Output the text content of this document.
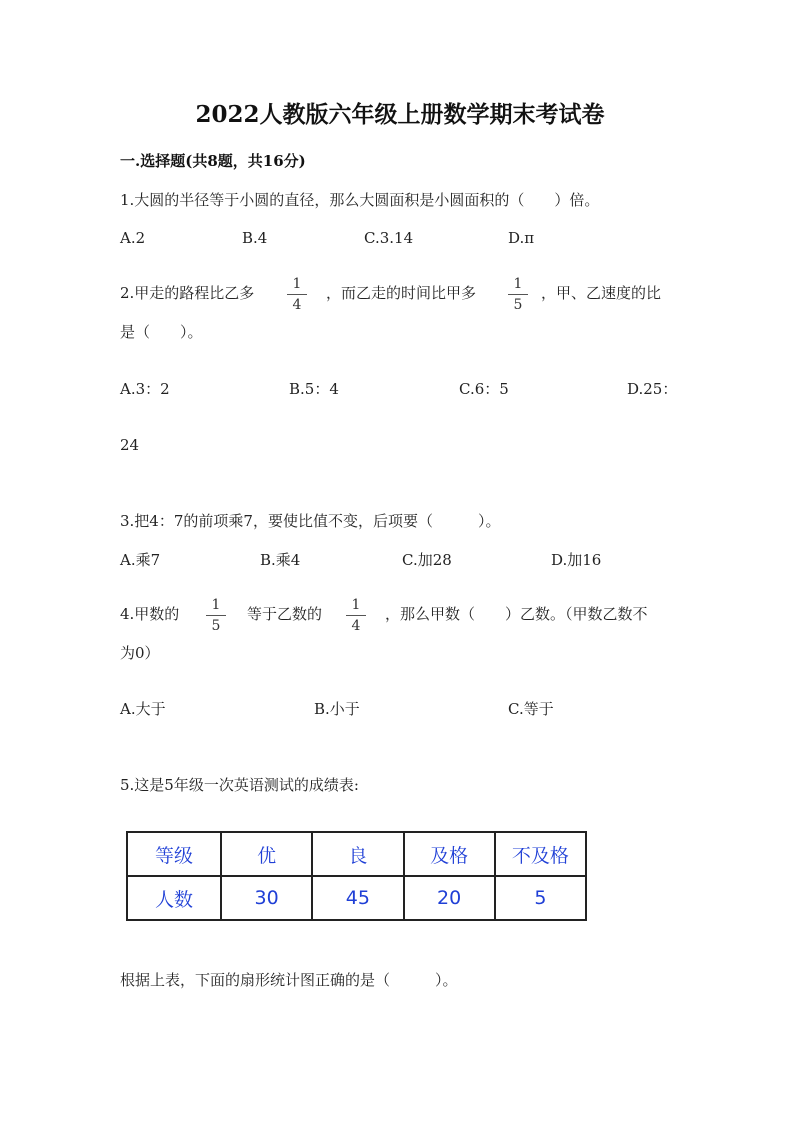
2022人教版六年级上册数学期末考试卷
一.选择题(共8题，共16分)
1.大圆的半径等于小圆的直径，那么大圆面积是小圆面积的（　　）倍。
A.2	B.4	C.3.14	D.π
2.甲走的路程比乙多 $\frac{1}{4}$ ，而乙走的时间比甲多 $\frac{1}{5}$ ，甲、乙速度的比
是（　　）。
A.3：2	B.5：4	C.6：5	D.25：
24
3.把4：7的前项乘7，要使比值不变，后项要（　　　）。
A.乘7	B.乘4	C.加28	D.加16
4.甲数的 $\frac{1}{5}$ 等于乙数的 $\frac{1}{4}$ ，那么甲数（　　）乙数。（甲数乙数不
为0）
A.大于	B.小于	C.等于
5.这是5年级一次英语测试的成绩表:
等级	优	良	及格	不及格
人数	30	45	20	5
根据上表，下面的扇形统计图正确的是（　　　）。
